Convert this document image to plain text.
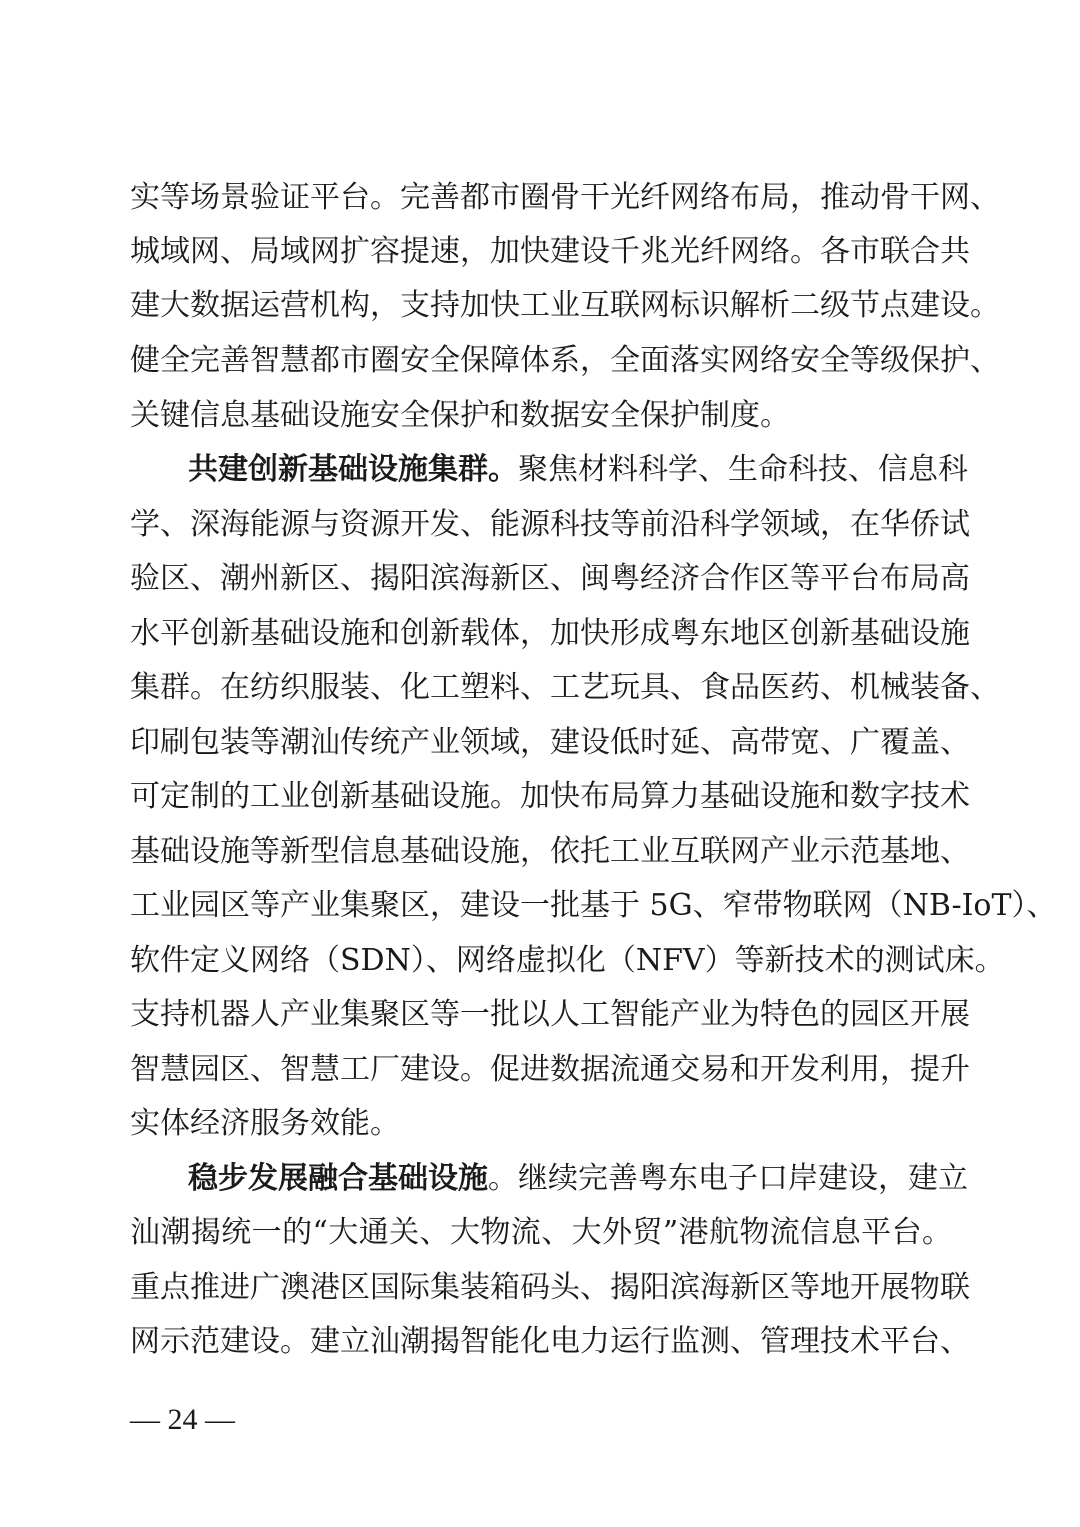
实等场景验证平台。完善都市圈骨干光纤网络布局，推动骨干网、
城域网、局域网扩容提速，加快建设千兆光纤网络。各市联合共
建大数据运营机构，支持加快工业互联网标识解析二级节点建设。
健全完善智慧都市圈安全保障体系，全面落实网络安全等级保护、
关键信息基础设施安全保护和数据安全保护制度。
共建创新基础设施集群。聚焦材料科学、生命科技、信息科
学、深海能源与资源开发、能源科技等前沿科学领域，在华侨试
验区、潮州新区、揭阳滨海新区、闽粤经济合作区等平台布局高
水平创新基础设施和创新载体，加快形成粤东地区创新基础设施
集群。在纺织服装、化工塑料、工艺玩具、食品医药、机械装备、
印刷包装等潮汕传统产业领域，建设低时延、高带宽、广覆盖、
可定制的工业创新基础设施。加快布局算力基础设施和数字技术
基础设施等新型信息基础设施，依托工业互联网产业示范基地、
工业园区等产业集聚区，建设一批基于 5G、窄带物联网（NB-IoT）、
软件定义网络（SDN）、网络虚拟化（NFV）等新技术的测试床。
支持机器人产业集聚区等一批以人工智能产业为特色的园区开展
智慧园区、智慧工厂建设。促进数据流通交易和开发利用，提升
实体经济服务效能。
稳步发展融合基础设施。继续完善粤东电子口岸建设，建立
汕潮揭统一的“大通关、大物流、大外贸”港航物流信息平台。
重点推进广澳港区国际集装箱码头、揭阳滨海新区等地开展物联
网示范建设。建立汕潮揭智能化电力运行监测、管理技术平台、
— 24 —
